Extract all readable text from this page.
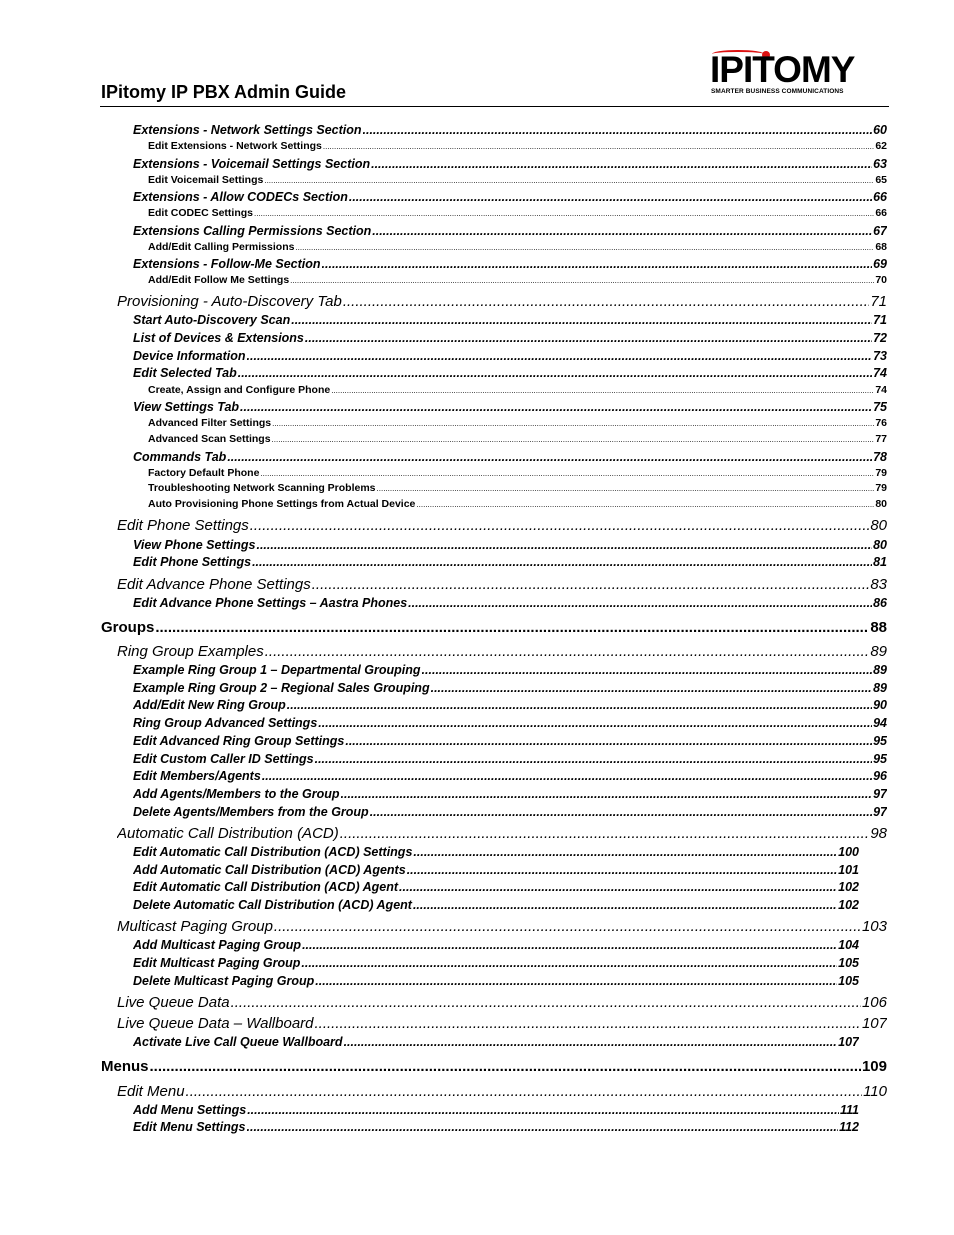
IPitomy IP PBX Admin Guide
IPITOMY
SMARTER BUSINESS COMMUNICATIONS
Extensions - Network Settings Section .....	60
Edit Extensions - Network Settings .....	62
Extensions - Voicemail Settings Section .....	63
Edit Voicemail Settings .....	65
Extensions - Allow CODECs Section .....	66
Edit CODEC Settings .....	66
Extensions Calling Permissions Section .....	67
Add/Edit Calling Permissions .....	68
Extensions - Follow-Me Section .....	69
Add/Edit Follow Me Settings .....	70
Provisioning - Auto-Discovery Tab .....	71
Start Auto-Discovery Scan .....	71
List of Devices & Extensions .....	72
Device Information .....	73
Edit Selected Tab .....	74
Create, Assign and Configure Phone .....	74
View Settings Tab .....	75
Advanced Filter Settings .....	76
Advanced Scan Settings .....	77
Commands Tab .....	78
Factory Default Phone .....	79
Troubleshooting Network Scanning Problems .....	79
Auto Provisioning Phone Settings from Actual Device .....	80
Edit Phone Settings .....	80
View Phone Settings .....	80
Edit Phone Settings .....	81
Edit Advance Phone Settings .....	83
Edit Advance Phone Settings – Aastra Phones .....	86
Groups .....	88
Ring Group Examples .....	89
Example Ring Group 1 – Departmental Grouping .....	89
Example Ring Group 2 – Regional Sales Grouping .....	89
Add/Edit New Ring Group .....	90
Ring Group Advanced Settings .....	94
Edit Advanced Ring Group Settings .....	95
Edit Custom Caller ID Settings .....	95
Edit Members/Agents .....	96
Add Agents/Members to the Group .....	97
Delete Agents/Members from the Group .....	97
Automatic Call Distribution (ACD) .....	98
Edit Automatic Call Distribution (ACD) Settings .....	100
Add Automatic Call Distribution (ACD) Agents .....	101
Edit Automatic Call Distribution (ACD) Agent .....	102
Delete Automatic Call Distribution (ACD) Agent .....	102
Multicast Paging Group .....	103
Add Multicast Paging Group .....	104
Edit Multicast Paging Group .....	105
Delete Multicast Paging Group .....	105
Live Queue Data .....	106
Live Queue Data – Wallboard .....	107
Activate Live Call Queue Wallboard .....	107
Menus .....	109
Edit Menu .....	110
Add Menu Settings .....	111
Edit Menu Settings .....	112
